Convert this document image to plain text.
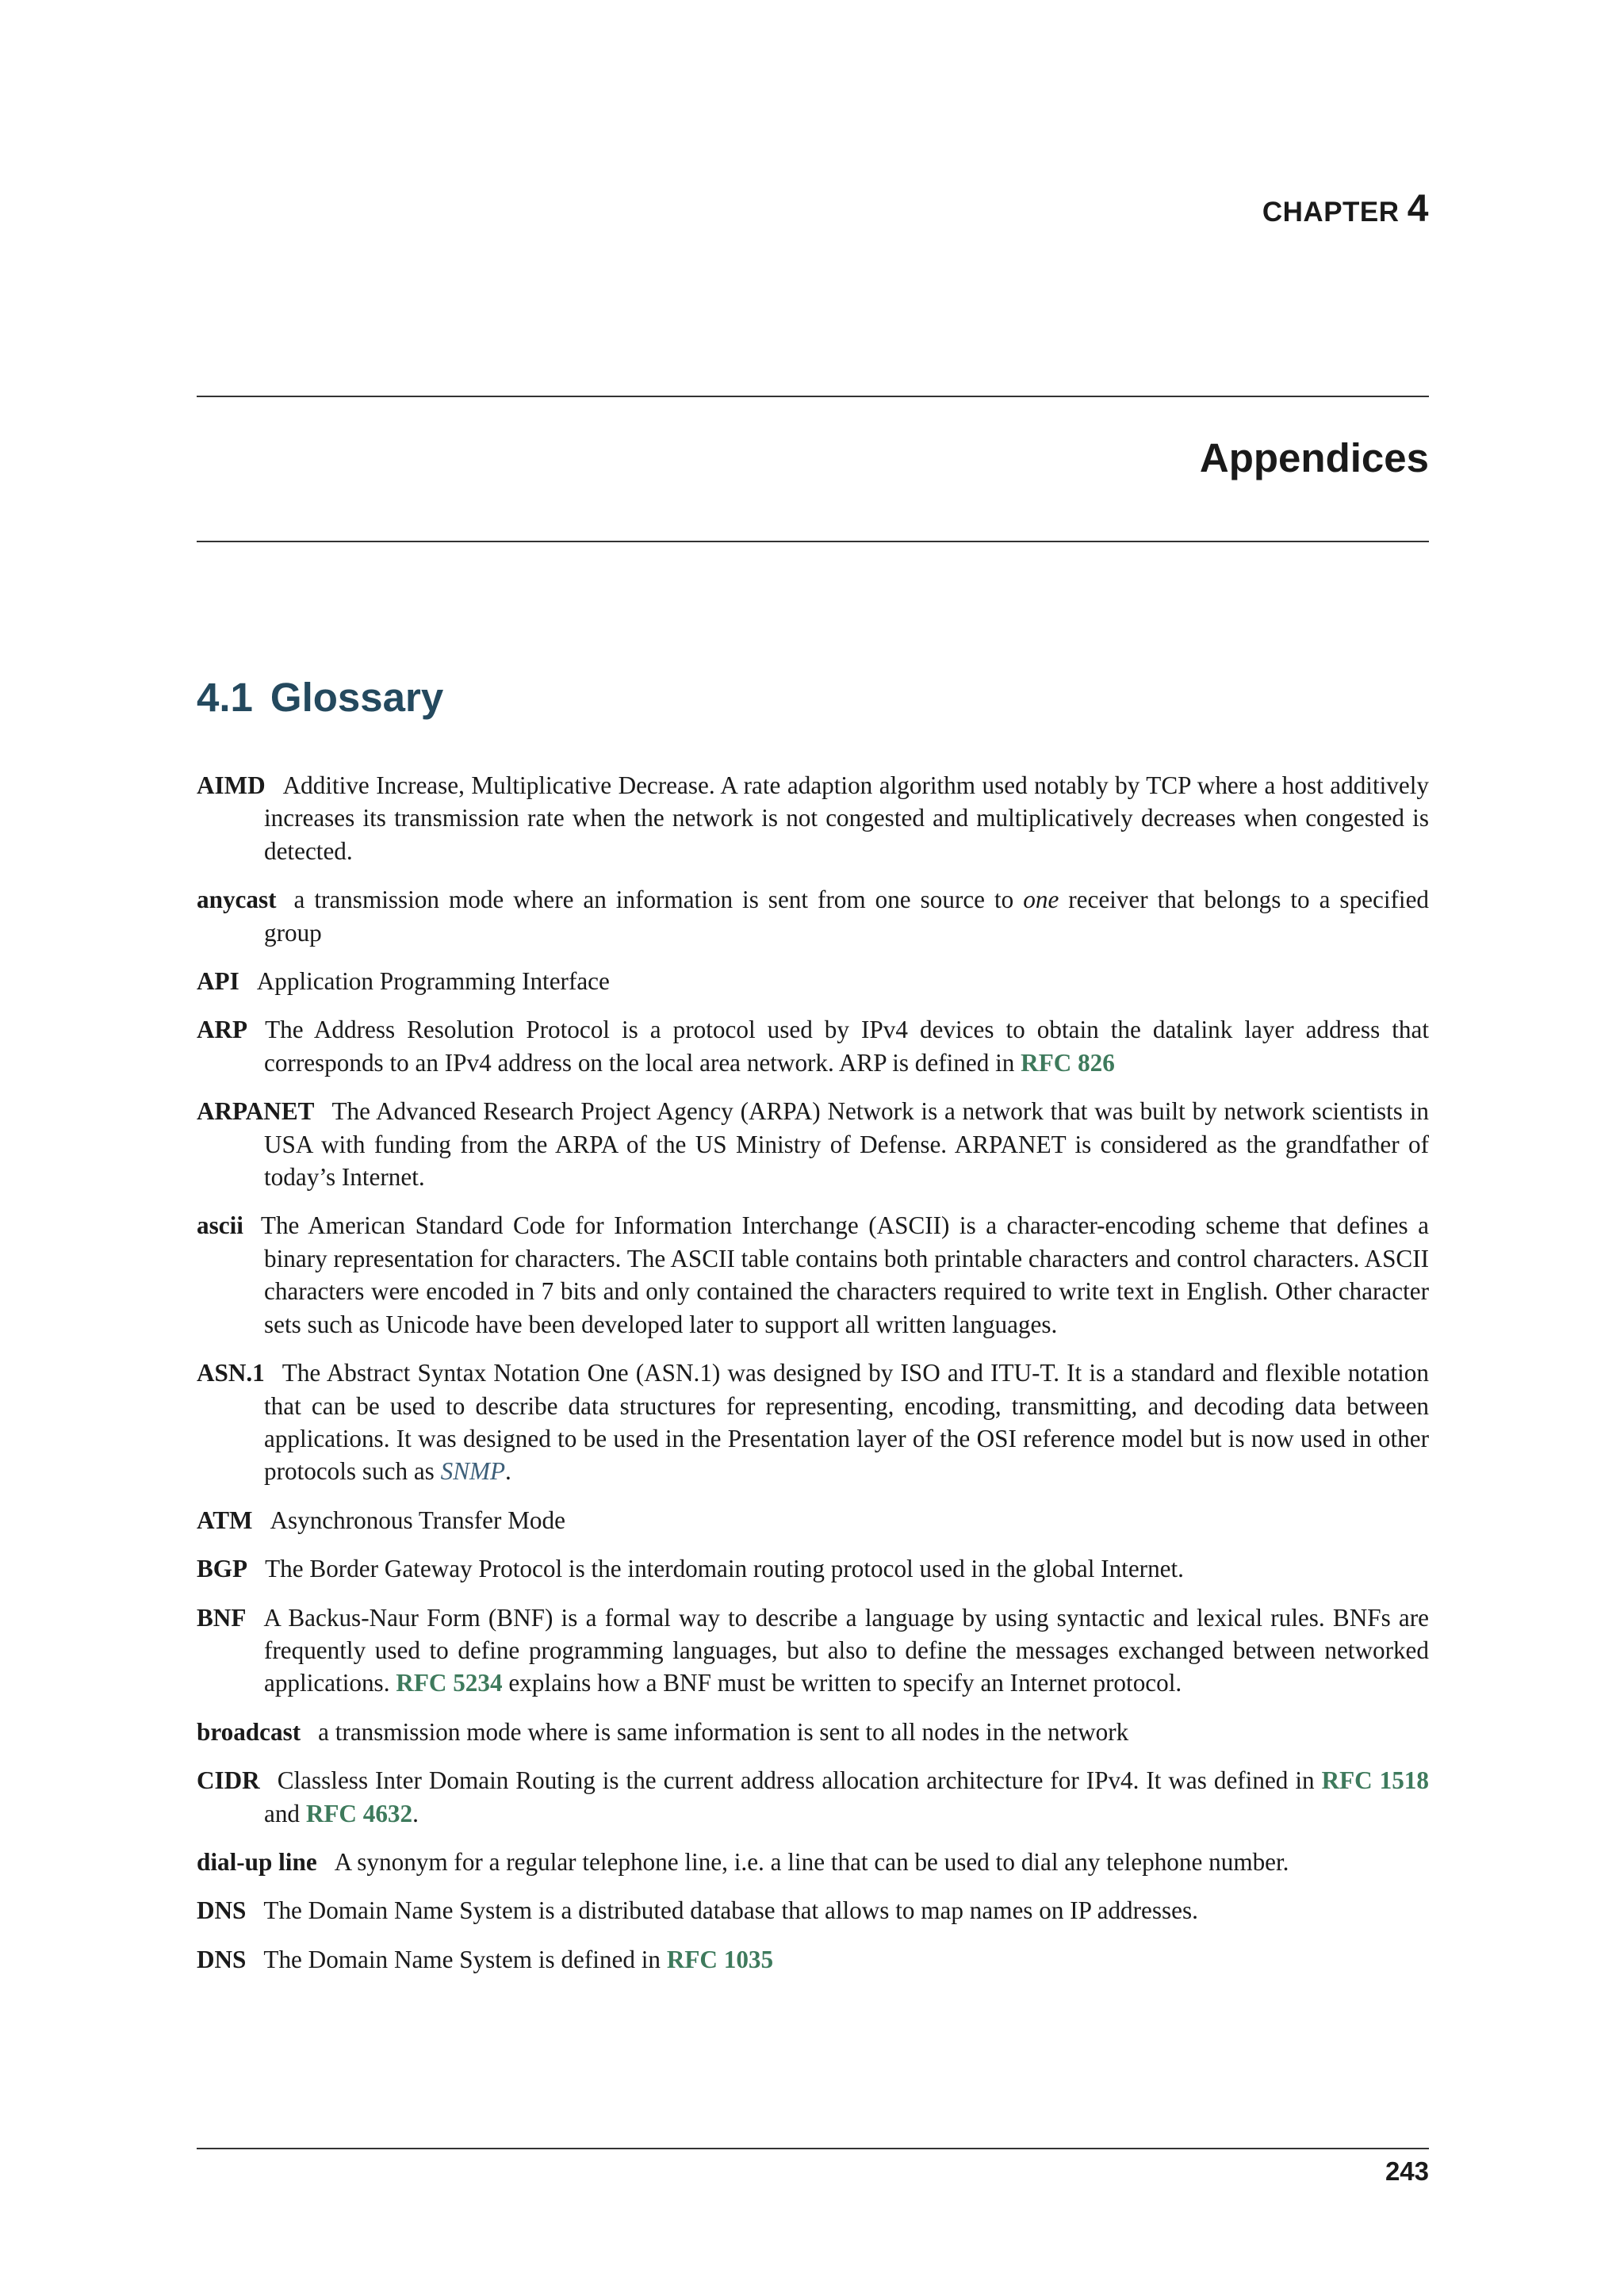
CHAPTER 4
Appendices
4.1 Glossary

AIMD Additive Increase, Multiplicative Decrease. A rate adaption algorithm used notably by TCP where a host additively increases its transmission rate when the network is not congested and multiplicatively decreases when congested is detected.

anycast a transmission mode where an information is sent from one source to one receiver that belongs to a specified group

API Application Programming Interface

ARP The Address Resolution Protocol is a protocol used by IPv4 devices to obtain the datalink layer address that corresponds to an IPv4 address on the local area network. ARP is defined in RFC 826

ARPANET The Advanced Research Project Agency (ARPA) Network is a network that was built by network scientists in USA with funding from the ARPA of the US Ministry of Defense. ARPANET is considered as the grandfather of today’s Internet.

ascii The American Standard Code for Information Interchange (ASCII) is a character-encoding scheme that defines a binary representation for characters. The ASCII table contains both printable characters and control characters. ASCII characters were encoded in 7 bits and only contained the characters required to write text in English. Other character sets such as Unicode have been developed later to support all written languages.

ASN.1 The Abstract Syntax Notation One (ASN.1) was designed by ISO and ITU-T. It is a standard and flexible notation that can be used to describe data structures for representing, encoding, transmitting, and decoding data between applications. It was designed to be used in the Presentation layer of the OSI reference model but is now used in other protocols such as SNMP.

ATM Asynchronous Transfer Mode

BGP The Border Gateway Protocol is the interdomain routing protocol used in the global Internet.

BNF A Backus-Naur Form (BNF) is a formal way to describe a language by using syntactic and lexical rules. BNFs are frequently used to define programming languages, but also to define the messages exchanged between networked applications. RFC 5234 explains how a BNF must be written to specify an Internet protocol.

broadcast a transmission mode where is same information is sent to all nodes in the network

CIDR Classless Inter Domain Routing is the current address allocation architecture for IPv4. It was defined in RFC 1518 and RFC 4632.

dial-up line A synonym for a regular telephone line, i.e. a line that can be used to dial any telephone number.

DNS The Domain Name System is a distributed database that allows to map names on IP addresses.

DNS The Domain Name System is defined in RFC 1035

243
